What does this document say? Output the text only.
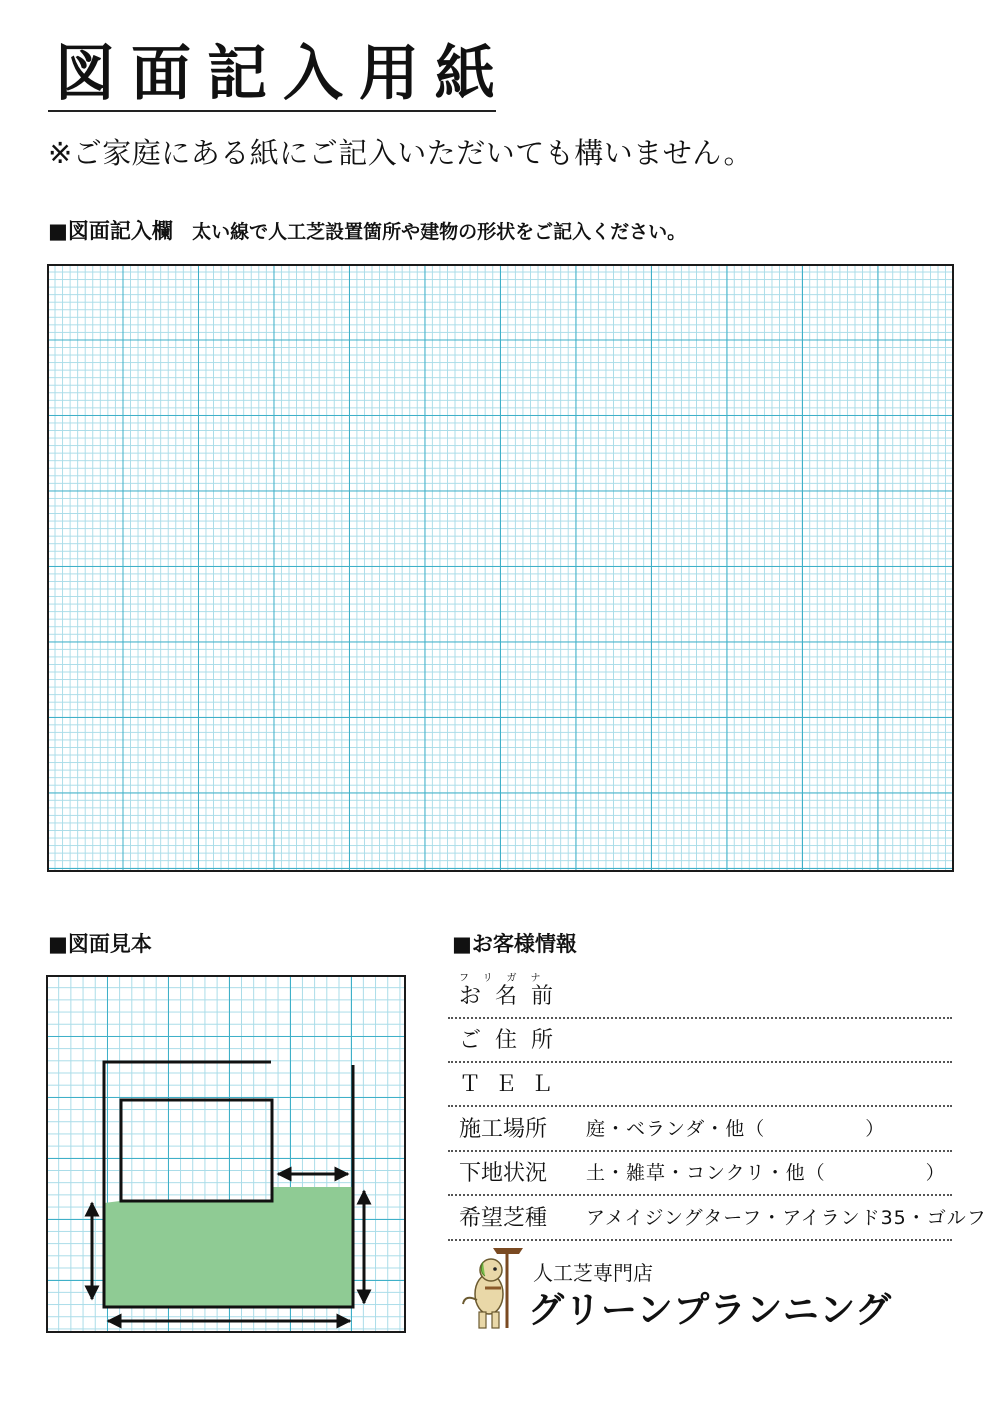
図面記入用紙

※ご家庭にある紙にご記入いただいても構いません。

■図面記入欄 太い線で人工芝設置箇所や建物の形状をご記入ください。
■図面見本	■お客様情報
フリガナ
お名前
ご住所
ＴＥＬ
施工場所 庭・ベランダ・他（　　　　　）
下地状況 土・雑草・コンクリ・他（　　　　　）
希望芝種 アメイジングターフ・アイランド35・ゴルフ
人工芝専門店
グリーンプランニング
